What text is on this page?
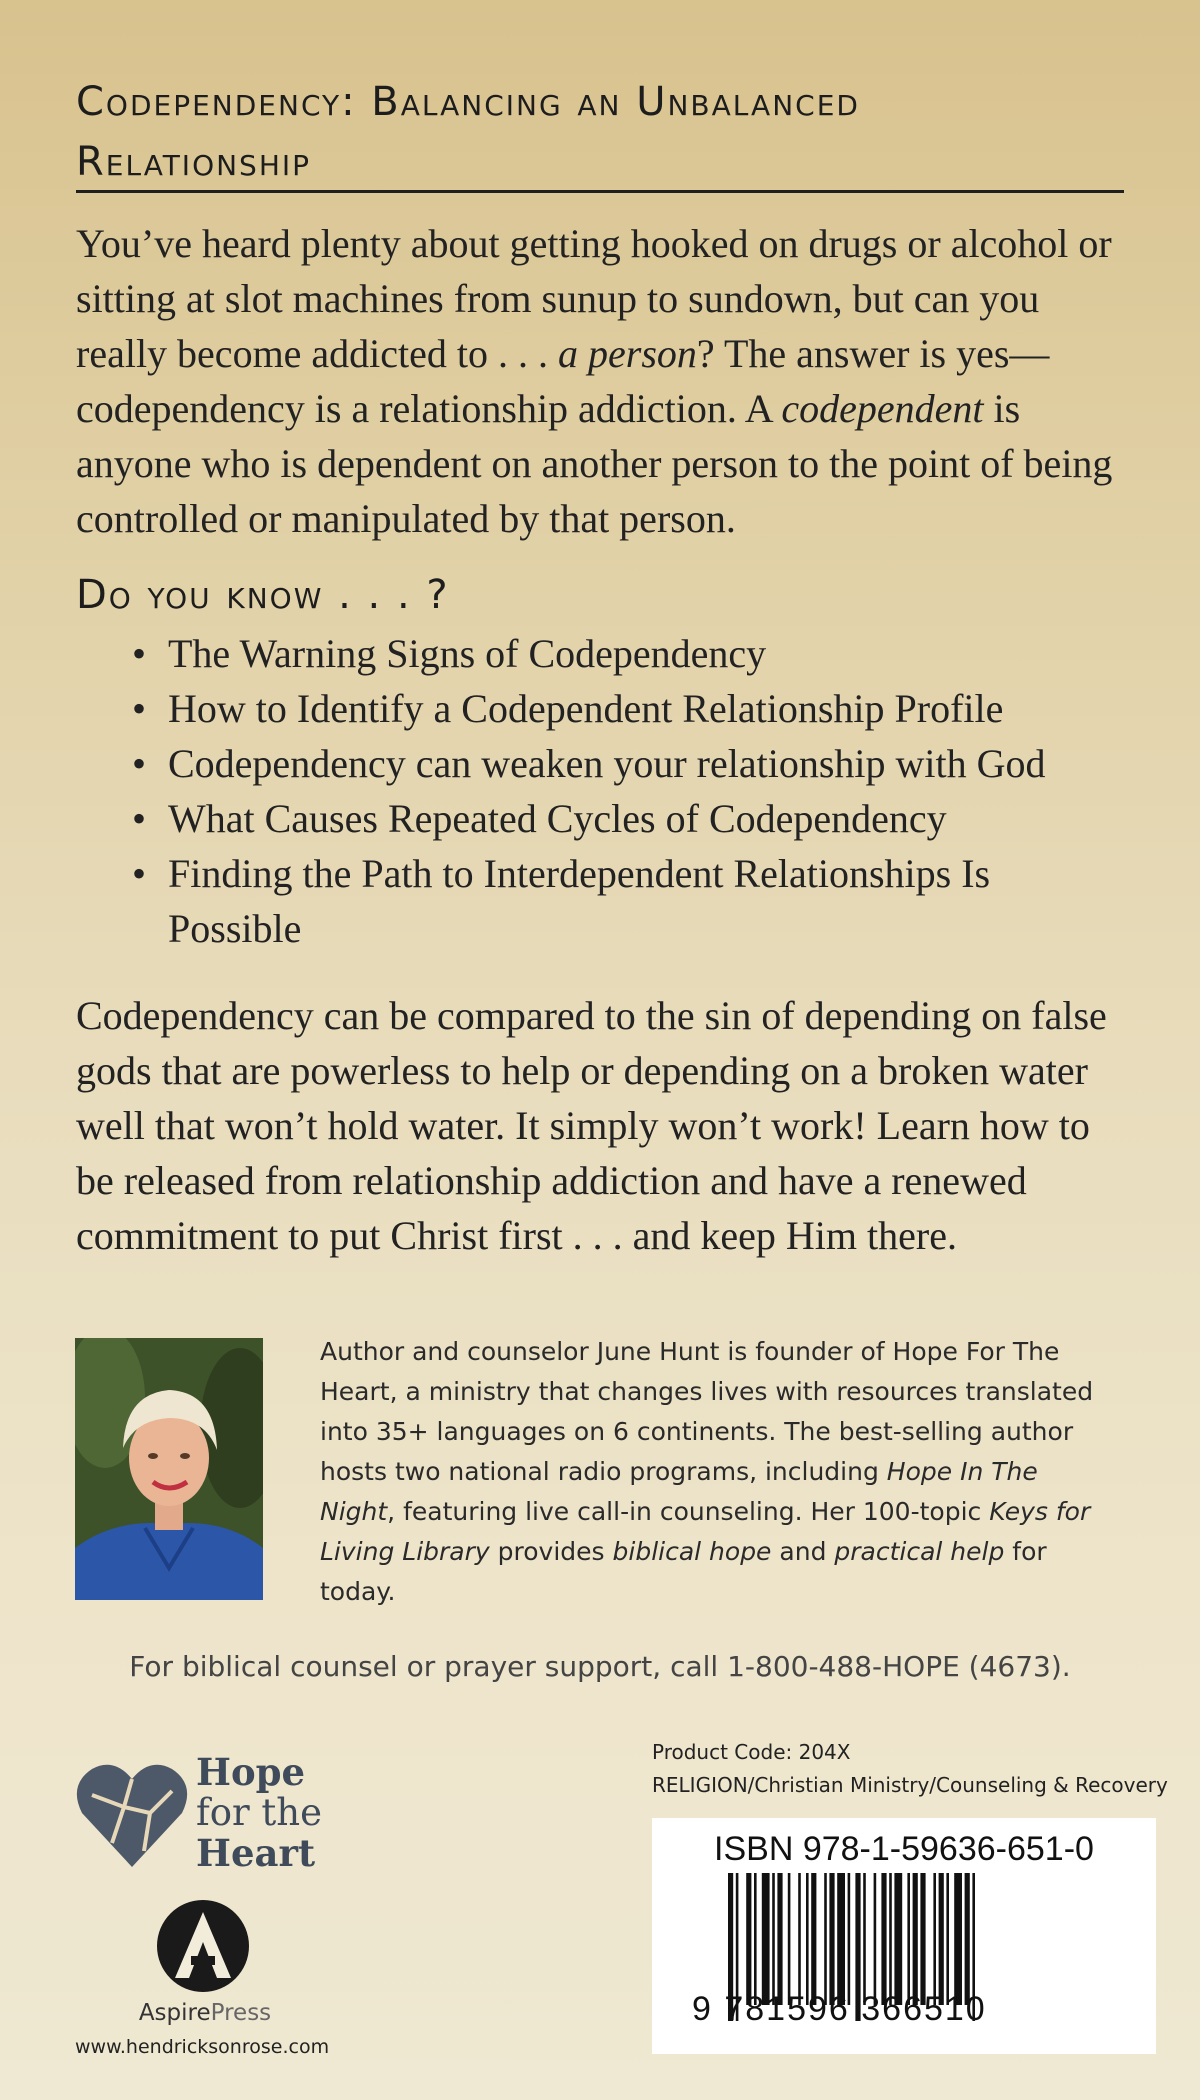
Codependency: Balancing an Unbalanced
Relationship
You’ve heard plenty about getting hooked on drugs or alcohol or sitting at slot machines from sunup to sundown, but can you really become addicted to . . . a person? The answer is yes—codependency is a relationship addiction. A codependent is anyone who is dependent on another person to the point of being controlled or manipulated by that person.
Do you know . . . ?
• The Warning Signs of Codependency
• How to Identify a Codependent Relationship Profile
• Codependency can weaken your relationship with God
• What Causes Repeated Cycles of Codependency
• Finding the Path to Interdependent Relationships Is Possible
Codependency can be compared to the sin of depending on false gods that are powerless to help or depending on a broken water well that won’t hold water. It simply won’t work! Learn how to be released from relationship addiction and have a renewed commitment to put Christ first . . . and keep Him there.
Author and counselor June Hunt is founder of Hope For The Heart, a ministry that changes lives with resources translated into 35+ languages on 6 continents. The best-selling author hosts two national radio programs, including Hope In The Night, featuring live call-in counseling. Her 100-topic Keys for Living Library provides biblical hope and practical help for today.
For biblical counsel or prayer support, call 1-800-488-HOPE (4673).
Hope
for the
Heart
AspirePress
www.hendricksonrose.com
Product Code: 204X
RELIGION/Christian Ministry/Counseling & Recovery
ISBN 978-1-59636-651-0
9 781596 366510
